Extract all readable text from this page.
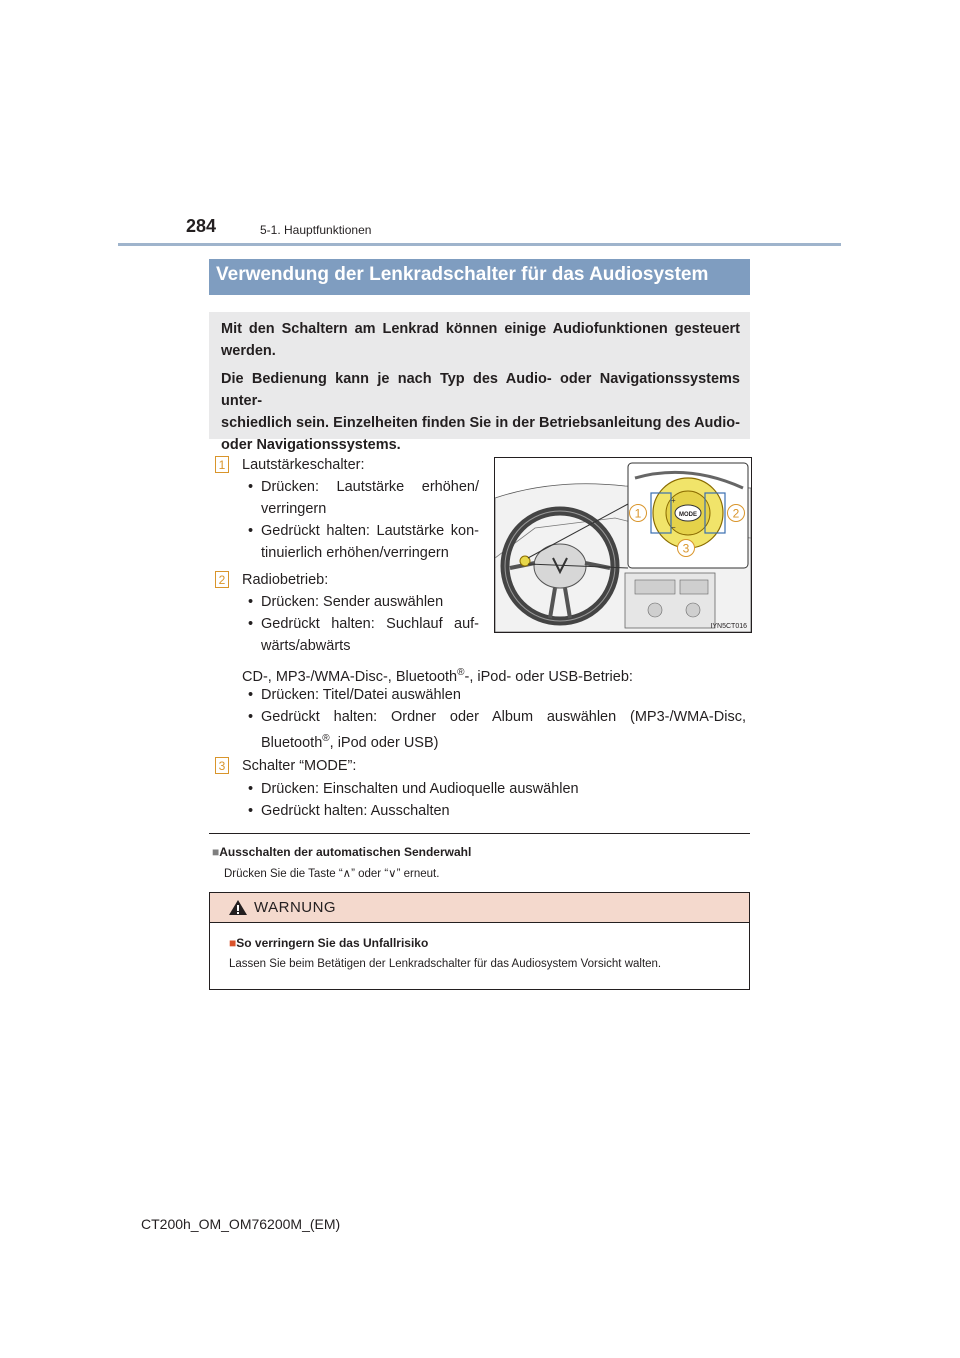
284	5-1. Hauptfunktionen
Verwendung der Lenkradschalter für das Audiosystem

Mit den Schaltern am Lenkrad können einige Audiofunktionen gesteuert
werden.

Die Bedienung kann je nach Typ des Audio- oder Navigationssystems unter-
schiedlich sein. Einzelheiten finden Sie in der Betriebsanleitung des Audio-
oder Navigationssystems.

1 Lautstärkeschalter:
• Drücken: Lautstärke erhöhen/
verringern
• Gedrückt halten: Lautstärke kon-
tinuierlich erhöhen/verringern
2 Radiobetrieb:
• Drücken: Sender auswählen
• Gedrückt halten: Suchlauf auf-
wärts/abwärts
CD-, MP3-/WMA-Disc-, Bluetooth®-, iPod- oder USB-Betrieb:
• Drücken: Titel/Datei auswählen
• Gedrückt halten: Ordner oder Album auswählen (MP3-/WMA-Disc,
Bluetooth®, iPod oder USB)
3 Schalter “MODE”:
• Drücken: Einschalten und Audioquelle auswählen
• Gedrückt halten: Ausschalten
MODE
+
−
1	2
3
IYN5CT016
■Ausschalten der automatischen Senderwahl
Drücken Sie die Taste “∧” oder “∨” erneut.
WARNUNG
■So verringern Sie das Unfallrisiko
Lassen Sie beim Betätigen der Lenkradschalter für das Audiosystem Vorsicht walten.
CT200h_OM_OM76200M_(EM)
